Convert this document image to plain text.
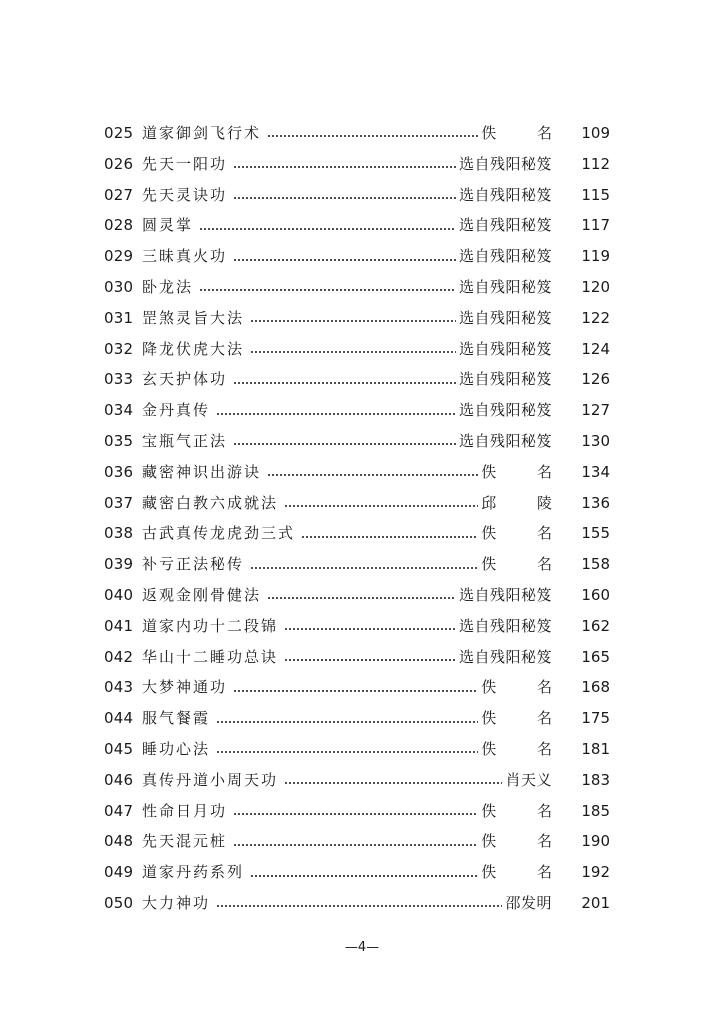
025 道家御剑飞行术	佚 名 109
026 先天一阳功	选自残阳秘笈	112
027 先天灵诀功	选自残阳秘笈	115
028 圆灵掌	选自残阳秘笈	117
029 三昧真火功	选自残阳秘笈	119
030 卧龙法	选自残阳秘笈	120
031 罡煞灵旨大法	选自残阳秘笈	122
032 降龙伏虎大法	选自残阳秘笈	124
033 玄天护体功	选自残阳秘笈	126
034 金丹真传	选自残阳秘笈	127
035 宝瓶气正法	选自残阳秘笈	130
036 藏密神识出游诀	佚 名 134
037 藏密白教六成就法	邱 陵 136
038 古武真传龙虎劲三式	佚 名 155
039 补亏正法秘传	佚 名 158
040 返观金刚骨健法	选自残阳秘笈	160
041 道家内功十二段锦	选自残阳秘笈	162
042 华山十二睡功总诀	选自残阳秘笈	165
043 大梦神通功	佚 名 168
044 服气餐霞	佚 名 175
045 睡功心法	佚 名 181
046 真传丹道小周天功	肖天义	183
047 性命日月功	佚 名 185
048 先天混元桩	佚 名 190
049 道家丹药系列	佚 名 192
050 大力神功	邵发明	201
—4—
